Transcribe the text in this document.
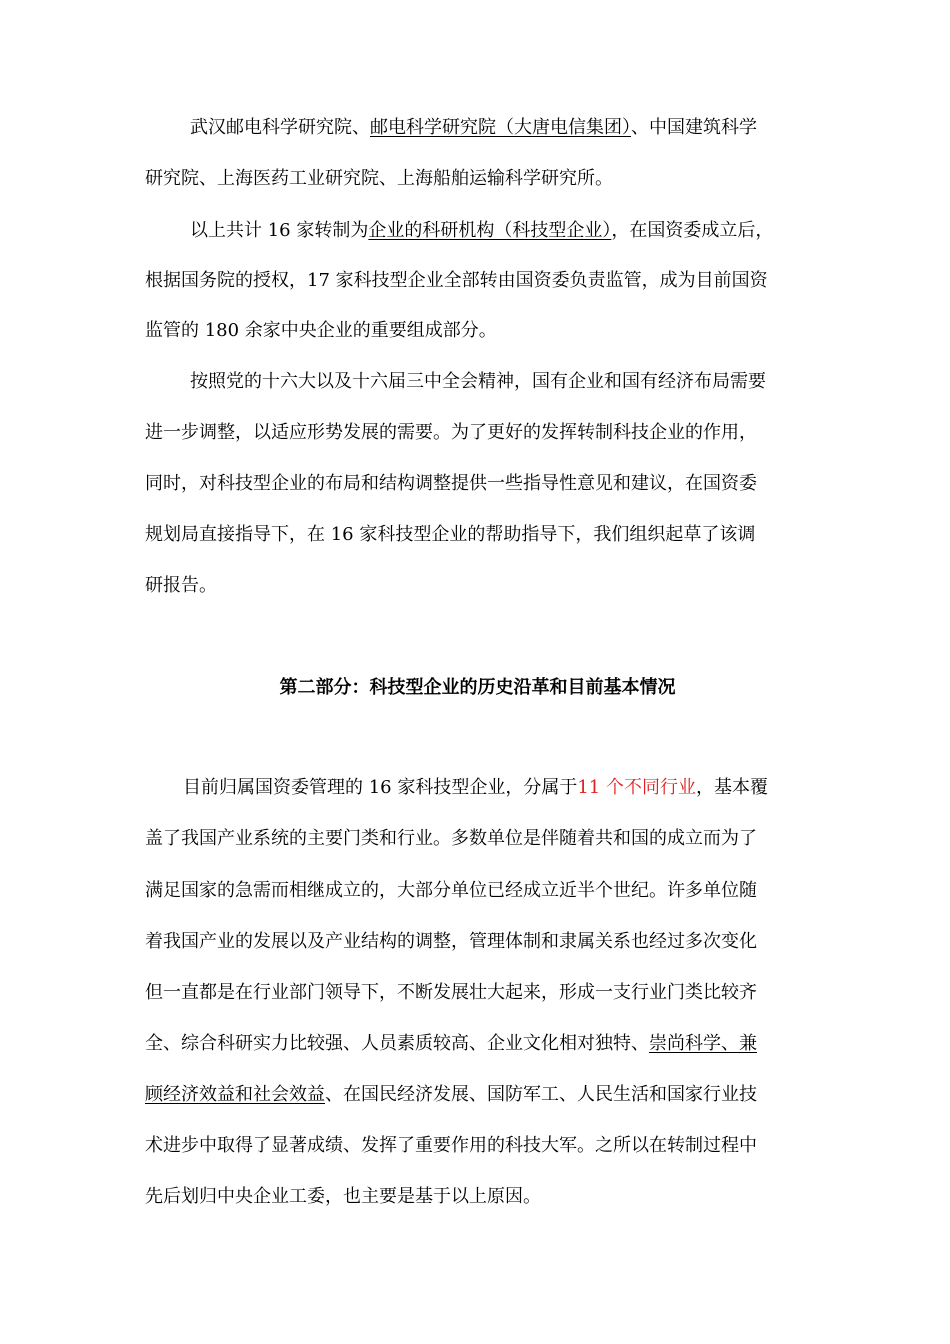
武汉邮电科学研究院、邮电科学研究院（大唐电信集团）、中国建筑科学
研究院、上海医药工业研究院、上海船舶运输科学研究所。
以上共计 16 家转制为企业的科研机构（科技型企业），在国资委成立后，
根据国务院的授权，17 家科技型企业全部转由国资委负责监管，成为目前国资
监管的 180 余家中央企业的重要组成部分。
按照党的十六大以及十六届三中全会精神，国有企业和国有经济布局需要
进一步调整，以适应形势发展的需要。为了更好的发挥转制科技企业的作用，
同时，对科技型企业的布局和结构调整提供一些指导性意见和建议，在国资委
规划局直接指导下，在 16 家科技型企业的帮助指导下，我们组织起草了该调
研报告。
第二部分：科技型企业的历史沿革和目前基本情况
目前归属国资委管理的 16 家科技型企业，分属于11 个不同行业，基本覆
盖了我国产业系统的主要门类和行业。多数单位是伴随着共和国的成立而为了
满足国家的急需而相继成立的，大部分单位已经成立近半个世纪。许多单位随
着我国产业的发展以及产业结构的调整，管理体制和隶属关系也经过多次变化
但一直都是在行业部门领导下，不断发展壮大起来，形成一支行业门类比较齐
全、综合科研实力比较强、人员素质较高、企业文化相对独特、崇尚科学、兼
顾经济效益和社会效益、在国民经济发展、国防军工、人民生活和国家行业技
术进步中取得了显著成绩、发挥了重要作用的科技大军。之所以在转制过程中
先后划归中央企业工委，也主要是基于以上原因。
